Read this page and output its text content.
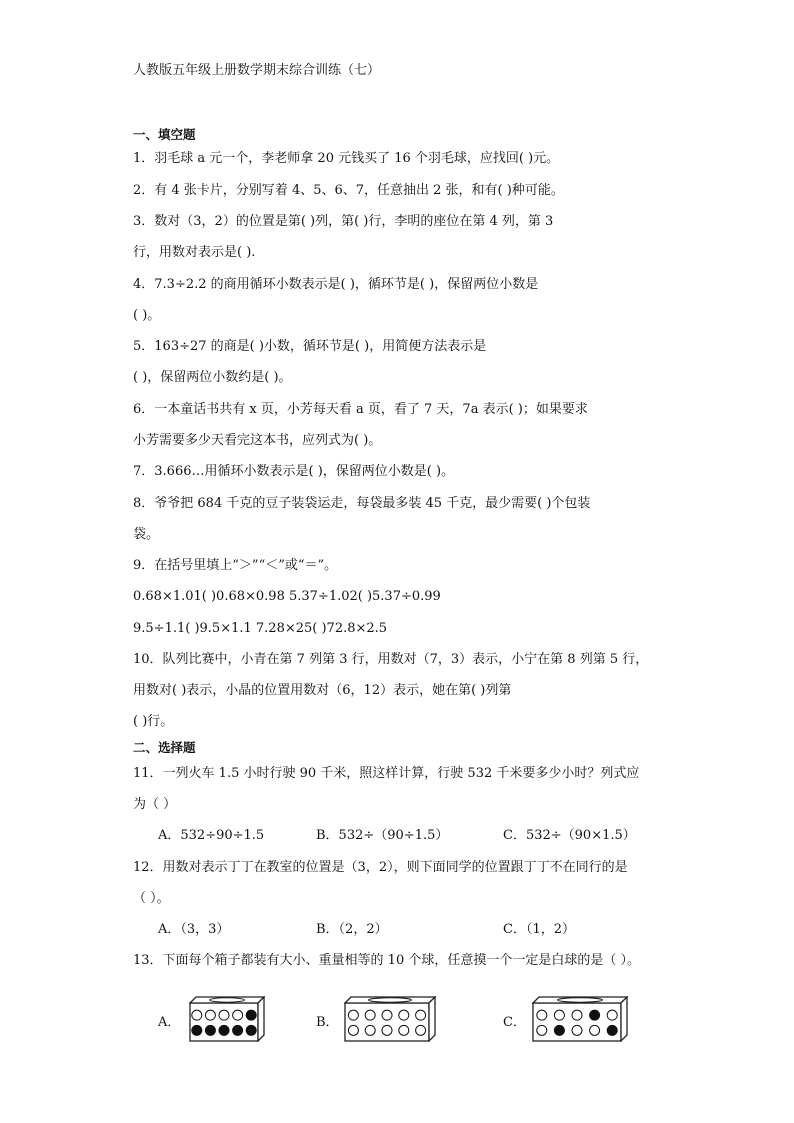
人教版五年级上册数学期末综合训练（七）
一、填空题
1．羽毛球 a 元一个，李老师拿 20 元钱买了 16 个羽毛球，应找回( )元。
2．有 4 张卡片，分别写着 4、5、6、7，任意抽出 2 张，和有( )种可能。
3．数对（3，2）的位置是第( )列，第( )行，李明的座位在第 4 列，第 3
行，用数对表示是( ).
4．7.3÷2.2 的商用循环小数表示是( )，循环节是( )，保留两位小数是
( )。
5．163÷27 的商是( )小数，循环节是( )，用简便方法表示是
( )，保留两位小数约是( )。
6．一本童话书共有 x 页，小芳每天看 a 页，看了 7 天，7a 表示( )；如果要求
小芳需要多少天看完这本书，应列式为( )。
7．3.666…用循环小数表示是( )，保留两位小数是( )。
8．爷爷把 684 千克的豆子装袋运走，每袋最多装 45 千克，最少需要( )个包装
袋。
9．在括号里填上“＞”“＜”或“＝”。
0.68×1.01( )0.68×0.98 5.37÷1.02( )5.37÷0.99
9.5÷1.1( )9.5×1.1 7.28×25( )72.8×2.5
10．队列比赛中，小青在第 7 列第 3 行，用数对（7，3）表示，小宁在第 8 列第 5 行，
用数对( )表示，小晶的位置用数对（6，12）表示，她在第( )列第
( )行。
二、选择题
11．一列火车 1.5 小时行驶 90 千米，照这样计算，行驶 532 千米要多少小时？列式应
为（ ）
A．532÷90÷1.5	B．532÷（90÷1.5）	C．532÷（90×1.5）
12．用数对表示丁丁在教室的位置是（3，2），则下面同学的位置跟丁丁不在同行的是
（ ）。
A．（3，3）	B．（2，2）	C．（1，2）
13．下面每个箱子都装有大小、重量相等的 10 个球，任意摸一个一定是白球的是（ ）。
A．	B．	C．
